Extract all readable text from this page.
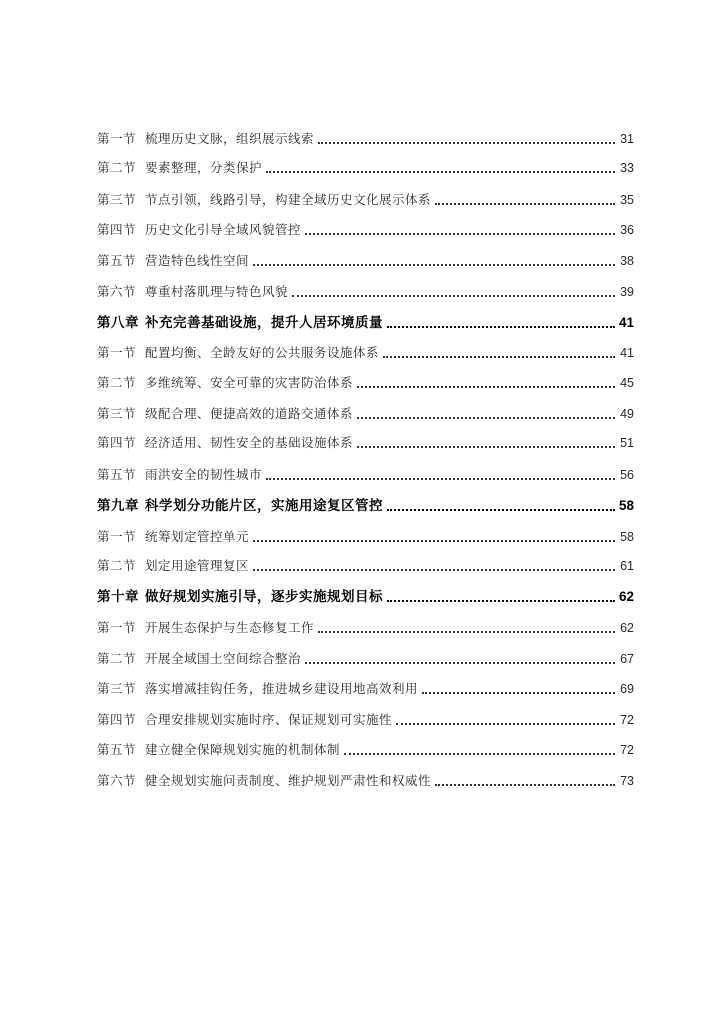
第一节 梳理历史文脉，组织展示线索	31
第二节 要素整理，分类保护	33
第三节 节点引领，线路引导，构建全域历史文化展示体系	35
第四节 历史文化引导全域风貌管控	36
第五节 营造特色线性空间	38
第六节 尊重村落肌理与特色风貌	39
第八章 补充完善基础设施，提升人居环境质量	41
第一节 配置均衡、全龄友好的公共服务设施体系	41
第二节 多维统筹、安全可靠的灾害防治体系	45
第三节 级配合理、便捷高效的道路交通体系	49
第四节 经济适用、韧性安全的基础设施体系	51
第五节 雨洪安全的韧性城市	56
第九章 科学划分功能片区，实施用途复区管控	58
第一节 统筹划定管控单元	58
第二节 划定用途管理复区	61
第十章 做好规划实施引导，逐步实施规划目标	62
第一节 开展生态保护与生态修复工作	62
第二节 开展全域国土空间综合整治	67
第三节 落实增减挂钩任务，推进城乡建设用地高效利用	69
第四节 合理安排规划实施时序、保证规划可实施性	72
第五节 建立健全保障规划实施的机制体制	72
第六节 健全规划实施问责制度、维护规划严肃性和权威性	73
